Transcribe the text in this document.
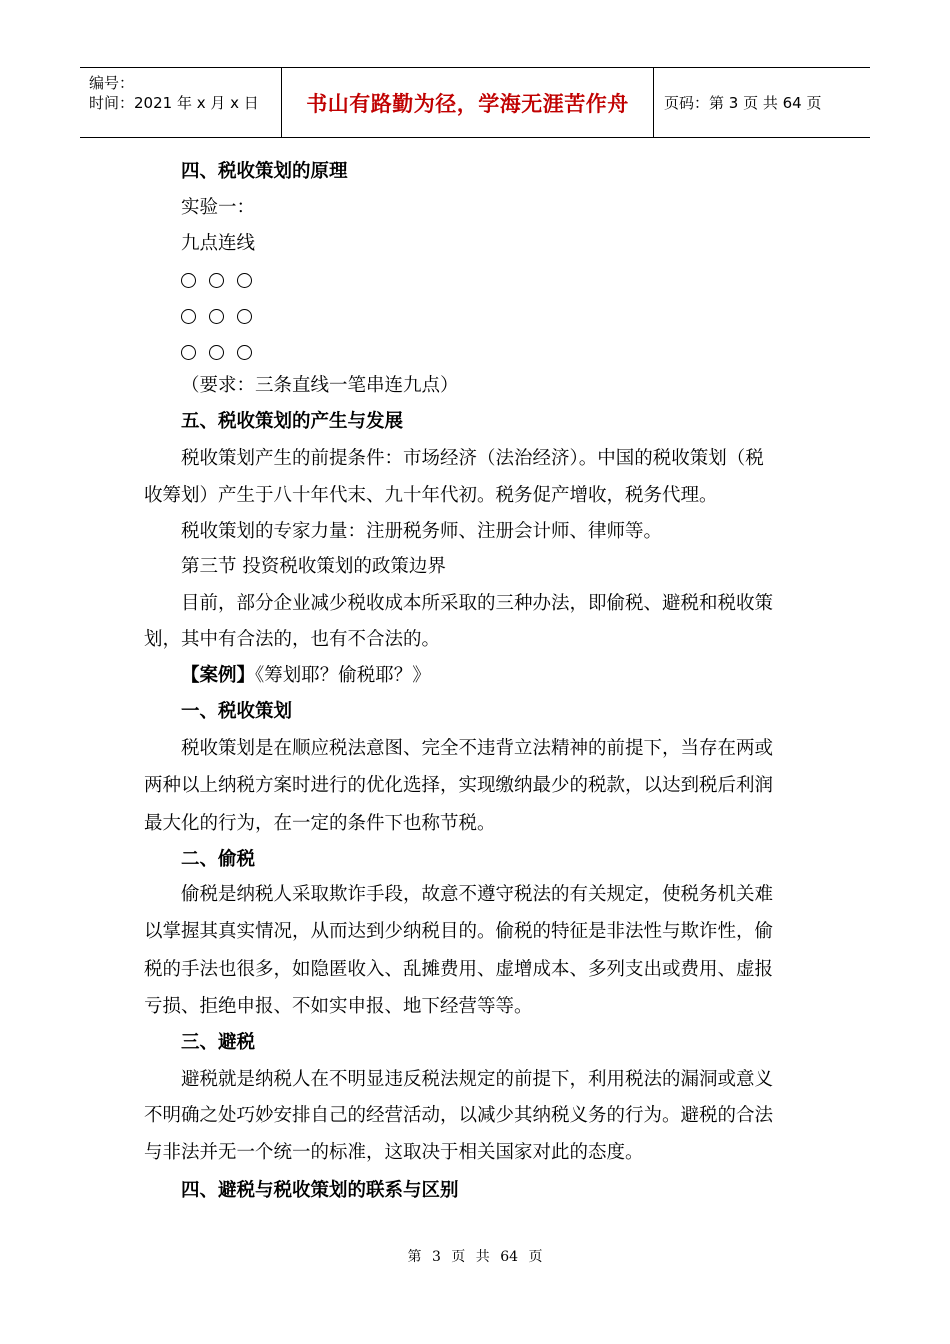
编号：
时间：2021 年 x 月 x 日	书山有路勤为径，学海无涯苦作舟	页码：第 3 页 共 64 页
四、税收策划的原理
实验一：
九点连线
（要求：三条直线一笔串连九点）
五、税收策划的产生与发展
税收策划产生的前提条件：市场经济（法治经济）。中国的税收策划（税
收筹划）产生于八十年代末、九十年代初。税务促产增收，税务代理。
税收策划的专家力量：注册税务师、注册会计师、律师等。
第三节 投资税收策划的政策边界
目前，部分企业减少税收成本所采取的三种办法，即偷税、避税和税收策
划，其中有合法的，也有不合法的。
【案例】《筹划耶？偷税耶？》
一、税收策划
税收策划是在顺应税法意图、完全不违背立法精神的前提下，当存在两或
两种以上纳税方案时进行的优化选择，实现缴纳最少的税款，以达到税后利润
最大化的行为，在一定的条件下也称节税。
二、偷税
偷税是纳税人采取欺诈手段，故意不遵守税法的有关规定，使税务机关难
以掌握其真实情况，从而达到少纳税目的。偷税的特征是非法性与欺诈性，偷
税的手法也很多，如隐匿收入、乱摊费用、虚增成本、多列支出或费用、虚报
亏损、拒绝申报、不如实申报、地下经营等等。
三、避税
避税就是纳税人在不明显违反税法规定的前提下，利用税法的漏洞或意义
不明确之处巧妙安排自己的经营活动，以减少其纳税义务的行为。避税的合法
与非法并无一个统一的标准，这取决于相关国家对此的态度。
四、避税与税收策划的联系与区别
第 3 页 共 64 页
